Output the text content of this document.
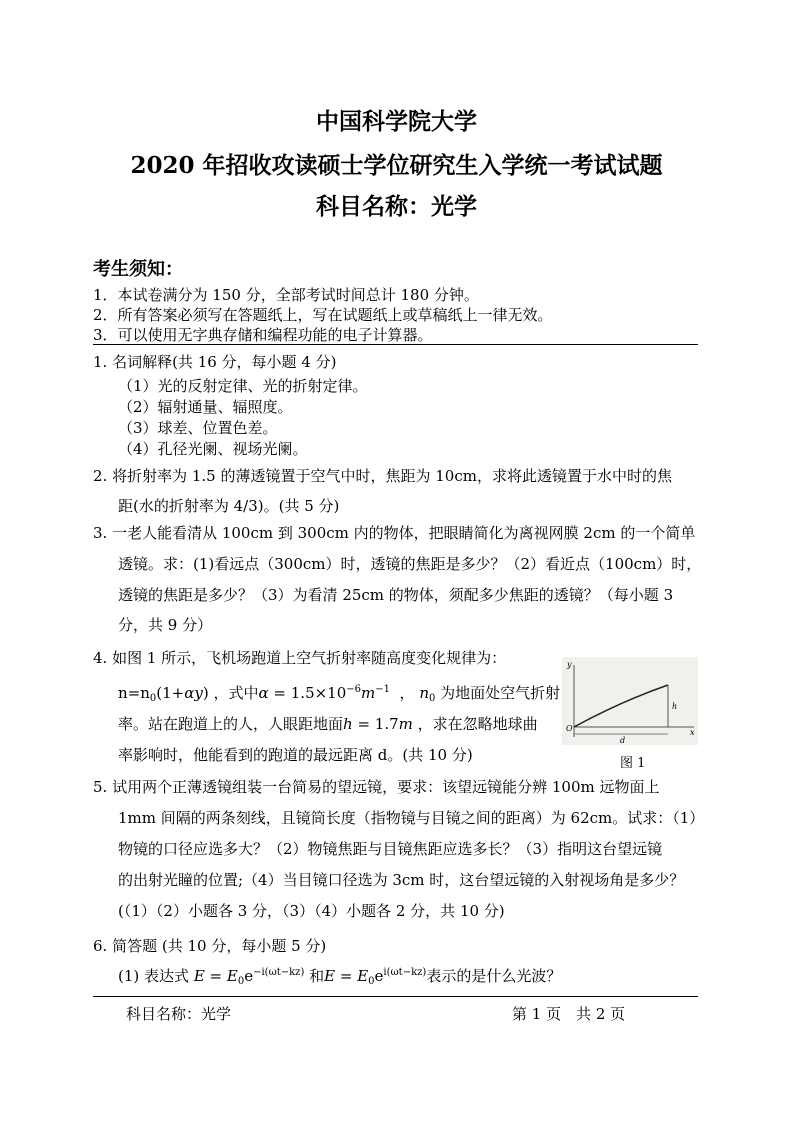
中国科学院大学
2020 年招收攻读硕士学位研究生入学统一考试试题
科目名称：光学
考生须知：
1．本试卷满分为 150 分，全部考试时间总计 180 分钟。
2．所有答案必须写在答题纸上，写在试题纸上或草稿纸上一律无效。
3．可以使用无字典存储和编程功能的电子计算器。
1. 名词解释(共 16 分，每小题 4 分)
（1）光的反射定律、光的折射定律。
（2）辐射通量、辐照度。
（3）球差、位置色差。
（4）孔径光阑、视场光阑。
2. 将折射率为 1.5 的薄透镜置于空气中时，焦距为 10cm，求将此透镜置于水中时的焦
距(水的折射率为 4/3)。(共 5 分)
3. 一老人能看清从 100cm 到 300cm 内的物体，把眼睛简化为离视网膜 2cm 的一个简单
透镜。求：(1)看远点（300cm）时，透镜的焦距是多少？（2）看近点（100cm）时，
透镜的焦距是多少？（3）为看清 25cm 的物体，须配多少焦距的透镜？（每小题 3
分，共 9 分）
4. 如图 1 所示，飞机场跑道上空气折射率随高度变化规律为：
$n=n_0(1+\alpha y)$ ，式中$\alpha = 1.5\times 10^{-6}m^{-1}$  ， $n_0$ 为地面处空气折射
率。站在跑道上的人，人眼距地面h = 1.7m ，求在忽略地球曲
率影响时，他能看到的跑道的最远距离 d。(共 10 分)
y
x
O
h
d
图 1
5. 试用两个正薄透镜组装一台简易的望远镜，要求：该望远镜能分辨 100m 远物面上
1mm 间隔的两条刻线，且镜筒长度（指物镜与目镜之间的距离）为 62cm。试求：（1）
物镜的口径应选多大？（2）物镜焦距与目镜焦距应选多长？（3）指明这台望远镜
的出射光瞳的位置;（4）当目镜口径选为 3cm 时，这台望远镜的入射视场角是多少？
(（1）（2）小题各 3 分，（3）（4）小题各 2 分，共 10 分)
6. 简答题 (共 10 分，每小题 5 分)
(1) 表达式 $E = E_0e^{-i(\omega t-kz)}$ 和$E = E_0e^{i(\omega t-kz)}$表示的是什么光波？
科目名称：光学	第 1 页　共 2 页
